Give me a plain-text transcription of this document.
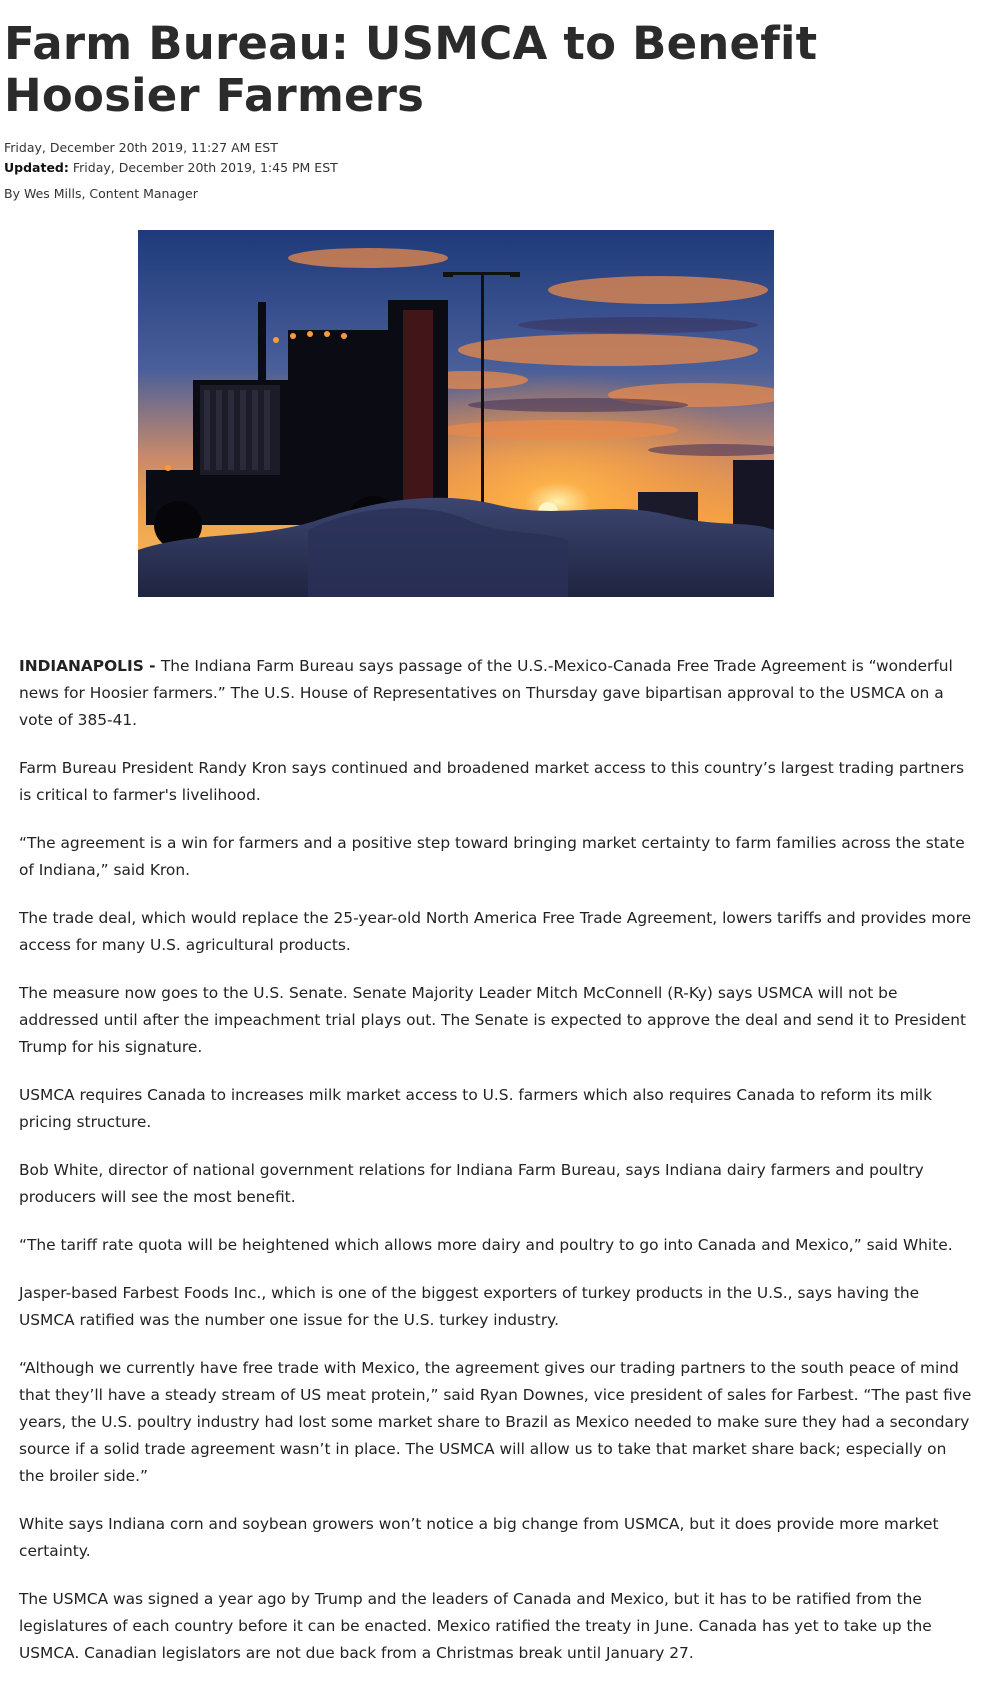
Farm Bureau: USMCA to Benefit Hoosier Farmers
Friday, December 20th 2019, 11:27 AM EST
Updated: Friday, December 20th 2019, 1:45 PM EST
By Wes Mills, Content Manager

INDIANAPOLIS - The Indiana Farm Bureau says passage of the U.S.-Mexico-Canada Free Trade Agreement is “wonderful news for Hoosier farmers.” The U.S. House of Representatives on Thursday gave bipartisan approval to the USMCA on a vote of 385-41.

Farm Bureau President Randy Kron says continued and broadened market access to this country’s largest trading partners is critical to farmer's livelihood.

“The agreement is a win for farmers and a positive step toward bringing market certainty to farm families across the state of Indiana,” said Kron.

The trade deal, which would replace the 25-year-old North America Free Trade Agreement, lowers tariffs and provides more access for many U.S. agricultural products.

The measure now goes to the U.S. Senate. Senate Majority Leader Mitch McConnell (R-Ky) says USMCA will not be addressed until after the impeachment trial plays out. The Senate is expected to approve the deal and send it to President Trump for his signature.

USMCA requires Canada to increases milk market access to U.S. farmers which also requires Canada to reform its milk pricing structure.

Bob White, director of national government relations for Indiana Farm Bureau, says Indiana dairy farmers and poultry producers will see the most benefit.

“The tariff rate quota will be heightened which allows more dairy and poultry to go into Canada and Mexico,” said White.

Jasper-based Farbest Foods Inc., which is one of the biggest exporters of turkey products in the U.S., says having the USMCA ratified was the number one issue for the U.S. turkey industry.

“Although we currently have free trade with Mexico, the agreement gives our trading partners to the south peace of mind that they’ll have a steady stream of US meat protein,” said Ryan Downes, vice president of sales for Farbest. “The past five years, the U.S. poultry industry had lost some market share to Brazil as Mexico needed to make sure they had a secondary source if a solid trade agreement wasn’t in place. The USMCA will allow us to take that market share back; especially on the broiler side.”

White says Indiana corn and soybean growers won’t notice a big change from USMCA, but it does provide more market certainty.

The USMCA was signed a year ago by Trump and the leaders of Canada and Mexico, but it has to be ratified from the legislatures of each country before it can be enacted. Mexico ratified the treaty in June. Canada has yet to take up the USMCA. Canadian legislators are not due back from a Christmas break until January 27.
